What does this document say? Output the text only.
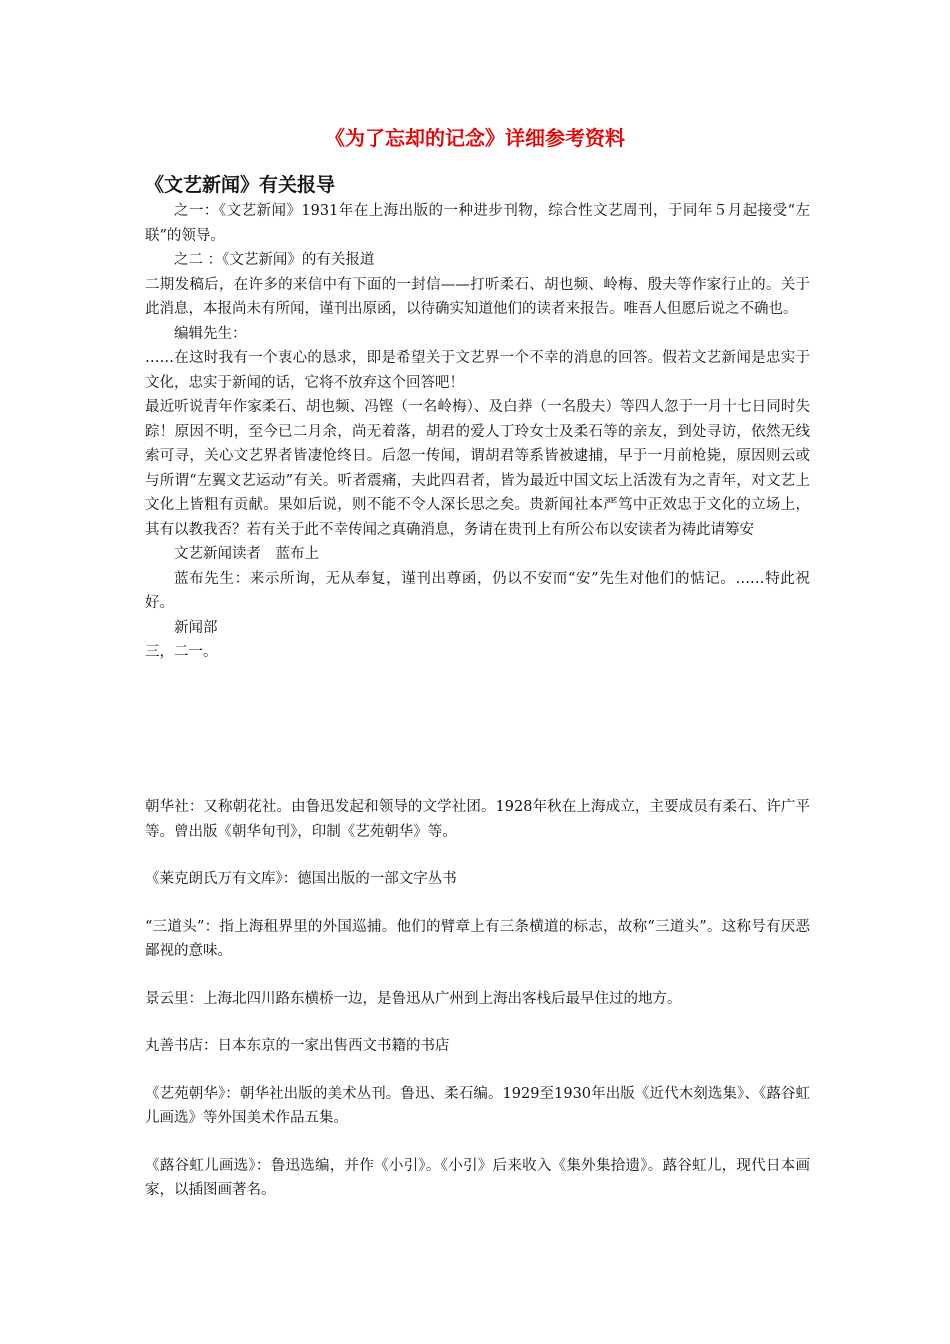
《为了忘却的记念》详细参考资料
《文艺新闻》有关报导

之一：《文艺新闻》1931年在上海出版的一种进步刊物，综合性文艺周刊，于同年５月起接受“左联”的领导。

之二 ：《文艺新闻》的有关报道

二期发稿后，在许多的来信中有下面的一封信——打听柔石、胡也频、岭梅、殷夫等作家行止的。关于此消息，本报尚未有所闻，谨刊出原函，以待确实知道他们的读者来报告。唯吾人但愿后说之不确也。

编辑先生：

……在这时我有一个衷心的恳求，即是希望关于文艺界一个不幸的消息的回答。假若文艺新闻是忠实于文化，忠实于新闻的话，它将不放弃这个回答吧！

最近听说青年作家柔石、胡也频、冯铿（一名岭梅）、及白莽（一名殷夫）等四人忽于一月十七日同时失踪！原因不明，至今已二月余，尚无着落，胡君的爱人丁玲女士及柔石等的亲友，到处寻访，依然无线索可寻，关心文艺界者皆凄怆终日。后忽一传闻，谓胡君等系皆被逮捕，早于一月前枪毙，原因则云或与所谓“左翼文艺运动”有关。听者震痛，夫此四君者，皆为最近中国文坛上活泼有为之青年，对文艺上文化上皆粗有贡献。果如后说，则不能不令人深长思之矣。贵新闻社本严笃中正效忠于文化的立场上，其有以教我否？若有关于此不幸传闻之真确消息，务请在贵刊上有所公布以安读者为祷此请筹安

文艺新闻读者　蓝布上

蓝布先生：来示所询，无从奉复，谨刊出尊函，仍以不安而“安”先生对他们的惦记。……特此祝好。

新闻部

三，二一。

朝华社：又称朝花社。由鲁迅发起和领导的文学社团。1928年秋在上海成立，主要成员有柔石、许广平等。曾出版《朝华旬刊》，印制《艺苑朝华》等。

《莱克朗氏万有文库》：德国出版的一部文字丛书

“三道头”：指上海租界里的外国巡捕。他们的臂章上有三条横道的标志，故称“三道头”。这称号有厌恶鄙视的意味。

景云里：上海北四川路东横桥一边，是鲁迅从广州到上海出客栈后最早住过的地方。

丸善书店：日本东京的一家出售西文书籍的书店

《艺苑朝华》：朝华社出版的美术丛刊。鲁迅、柔石编。1929至1930年出版《近代木刻选集》、《蕗谷虹儿画选》等外国美术作品五集。

《蕗谷虹儿画选》：鲁迅选编，并作《小引》。《小引》后来收入《集外集拾遗》。蕗谷虹儿，现代日本画家，以插图画著名。
